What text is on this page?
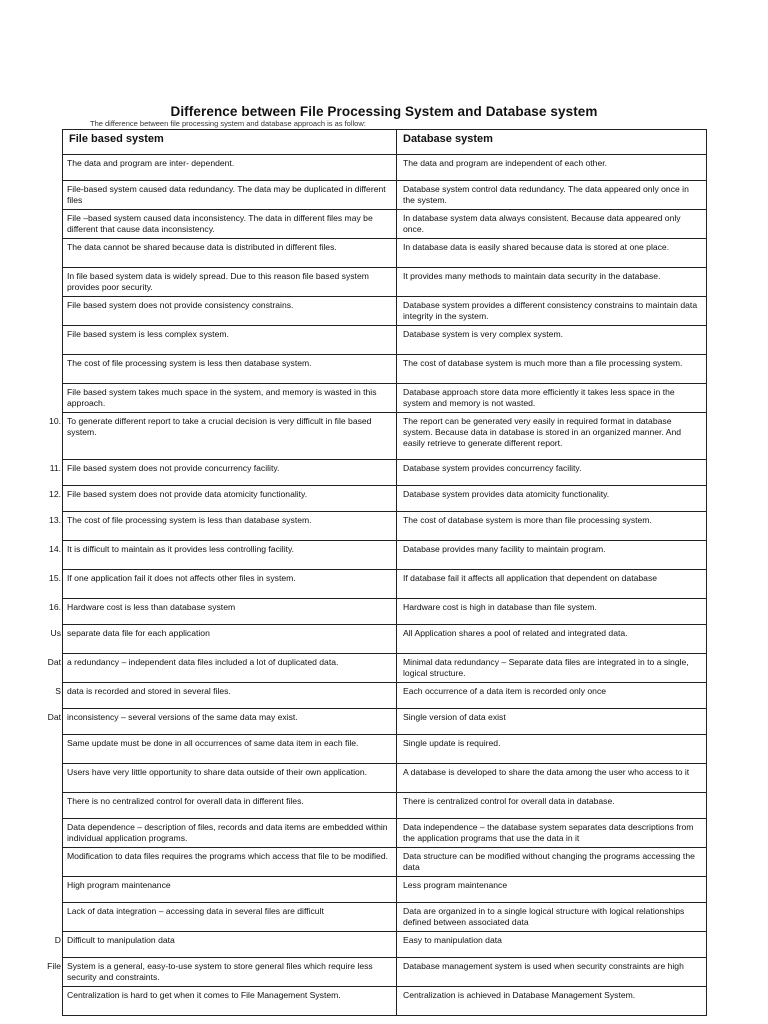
Difference between File Processing System and Database system
The difference between file processing system and database approach is as follow:
File based system	Database system

The data and program are inter- dependent.	The data and program are independent of each other.

File-based system caused data redundancy. The data may be duplicated in different files	Database system control data redundancy. The data appeared only once in the system.

File –based system caused data inconsistency. The data in different files may be different that cause data inconsistency.	In database system data always consistent. Because data appeared only once.

The data cannot be shared because data is distributed in different files.	In database data is easily shared because data is stored at one place.

In file based system data is widely spread. Due to this reason file based system provides poor security.	It provides many methods to maintain data security in the database.

File based system does not provide consistency constrains.	Database system provides a different consistency constrains to maintain data integrity in the system.

File based system is less complex system.	Database system is very complex system.

The cost of file processing system is less then database system.	The cost of database system is much more than a file processing system.

File based system takes much space in the system, and memory is wasted in this approach.	Database approach store data more efficiently it takes less space in the system and memory is not wasted.

10. To generate different report to take a crucial decision is very difficult in file based system.	The report can be generated very easily in required format in database system. Because data in database is stored in an organized manner. And easily retrieve to generate different report.

11. File based system does not provide concurrency facility.	Database system provides concurrency facility.

12. File based system does not provide data atomicity functionality.	Database system provides data atomicity functionality.

13. The cost of file processing system is less than database system.	The cost of database system is more than file processing system.

14. It is difficult to maintain as it provides less controlling facility.	Database provides many facility to maintain program.

15. If one application fail it does not affects other files in system.	If database fail it affects all application that dependent on database

16. Hardware cost is less than database system	Hardware cost is high in database than file system.

Us separate data file for each application	All Application shares a pool of related and integrated data.

Dat a redundancy – independent data files included a lot of duplicated data.	Minimal data redundancy – Separate data files are integrated in to a single, logical structure.

S data is recorded and stored in several files.	Each occurrence of a data item is recorded only once

Dat inconsistency – several versions of the same data may exist.	Single version of data exist

Same update must be done in all occurrences of same data item in each file.	Single update is required.

Users have very little opportunity to share data outside of their own application.	A database is developed to share the data among the user who access to it

There is no centralized control for overall data in different files.	There is centralized control for overall data in database.

Data dependence – description of files, records and data items are embedded within individual application programs.	Data independence – the database system separates data descriptions from the application programs that use the data in it

Modification to data files requires the programs which access that file to be modified.	Data structure can be modified without changing the programs accessing the data

High program maintenance	Less program maintenance

Lack of data integration – accessing data in several files are difficult	Data are organized in to a single logical structure with logical relationships defined between associated data

D Difficult to manipulation data	Easy to manipulation data

File System is a general, easy-to-use system to store general files which require less security and constraints.	Database management system is used when security constraints are high

Centralization is hard to get when it comes to File Management System.	Centralization is achieved in Database Management System.
